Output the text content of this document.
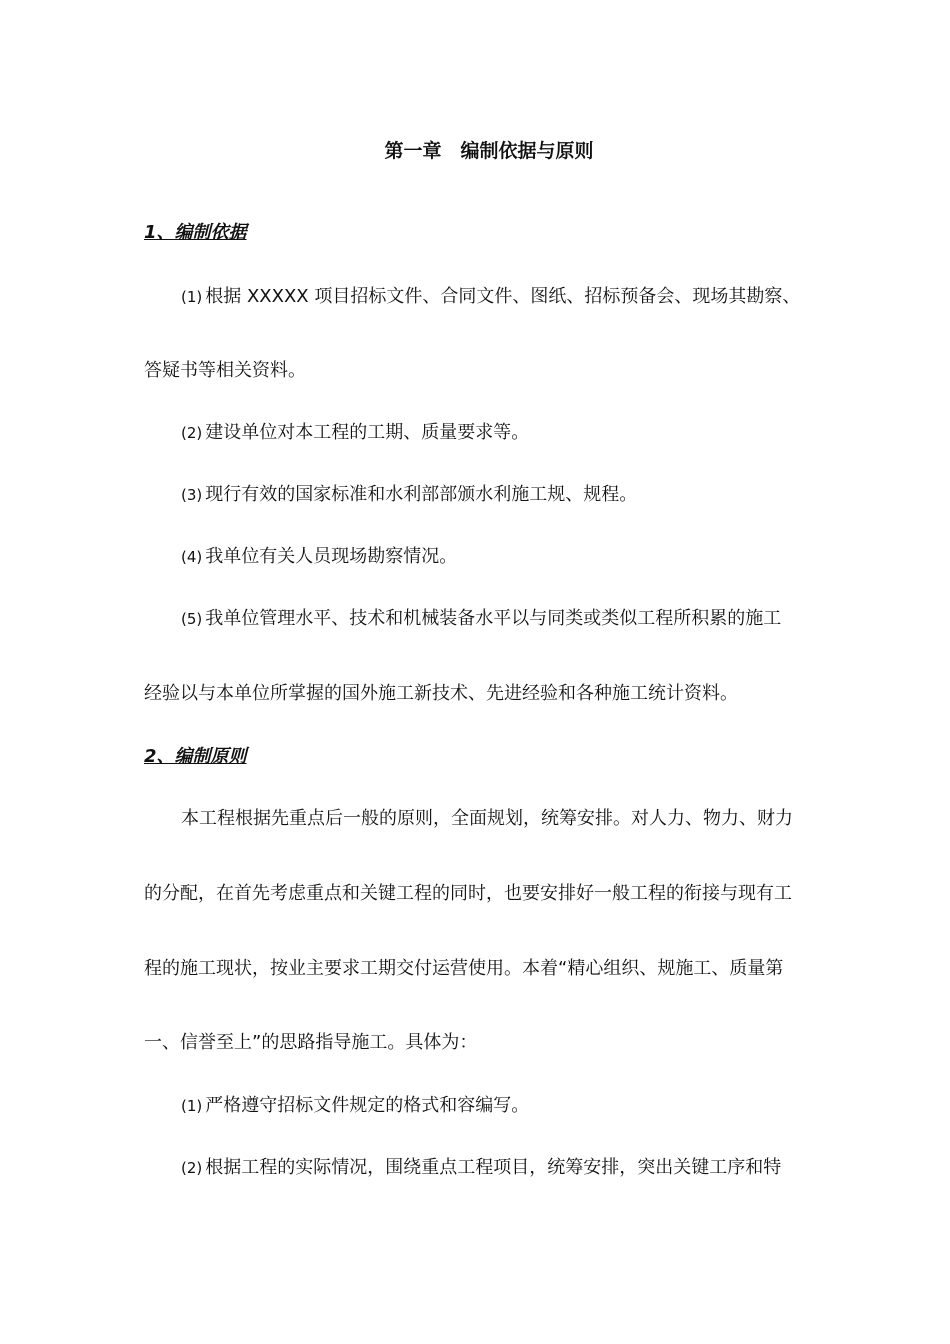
第一章　编制依据与原则
1、编制依据
(1) 根据 XXXXX 项目招标文件、合同文件、图纸、招标预备会、现场其勘察、
答疑书等相关资料。
(2) 建设单位对本工程的工期、质量要求等。
(3) 现行有效的国家标准和水利部部颁水利施工规、规程。
(4) 我单位有关人员现场勘察情况。
(5) 我单位管理水平、技术和机械装备水平以与同类或类似工程所积累的施工
经验以与本单位所掌握的国外施工新技术、先进经验和各种施工统计资料。
2、编制原则
本工程根据先重点后一般的原则，全面规划，统筹安排。对人力、物力、财力
的分配，在首先考虑重点和关键工程的同时，也要安排好一般工程的衔接与现有工
程的施工现状，按业主要求工期交付运营使用。本着“精心组织、规施工、质量第
一、信誉至上”的思路指导施工。具体为：
(1) 严格遵守招标文件规定的格式和容编写。
(2) 根据工程的实际情况，围绕重点工程项目，统筹安排，突出关键工序和特
